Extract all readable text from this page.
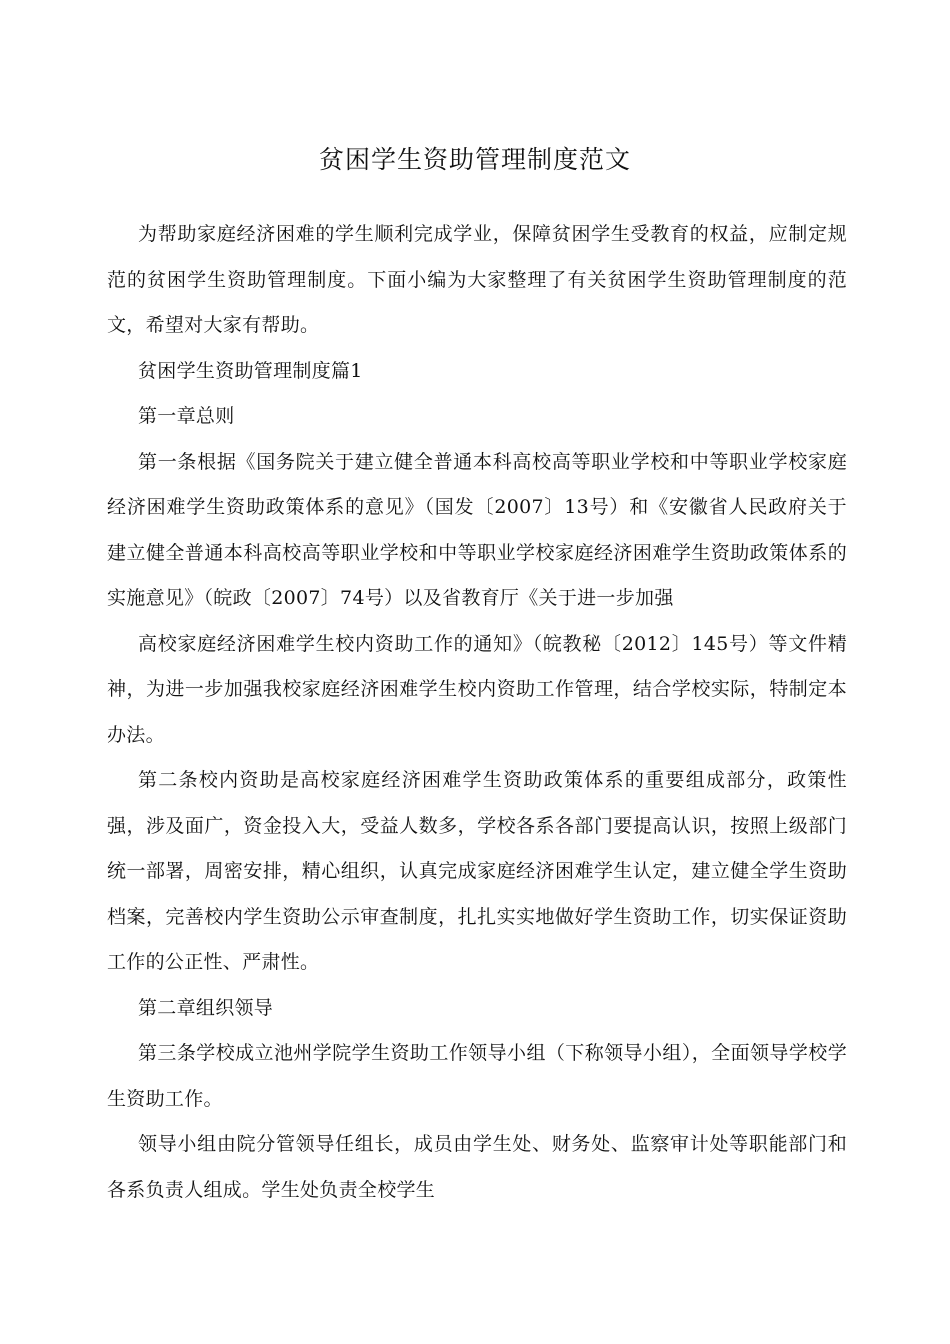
贫困学生资助管理制度范文

为帮助家庭经济困难的学生顺利完成学业，保障贫困学生受教育的权益，应制定规范的贫困学生资助管理制度。下面小编为大家整理了有关贫困学生资助管理制度的范文，希望对大家有帮助。

贫困学生资助管理制度篇1

第一章总则

第一条根据《国务院关于建立健全普通本科高校高等职业学校和中等职业学校家庭经济困难学生资助政策体系的意见》（国发〔2007〕13号）和《安徽省人民政府关于建立健全普通本科高校高等职业学校和中等职业学校家庭经济困难学生资助政策体系的实施意见》（皖政〔2007〕74号）以及省教育厅《关于进一步加强

高校家庭经济困难学生校内资助工作的通知》（皖教秘〔2012〕145号）等文件精神，为进一步加强我校家庭经济困难学生校内资助工作管理，结合学校实际，特制定本办法。

第二条校内资助是高校家庭经济困难学生资助政策体系的重要组成部分，政策性强，涉及面广，资金投入大，受益人数多，学校各系各部门要提高认识，按照上级部门统一部署，周密安排，精心组织，认真完成家庭经济困难学生认定，建立健全学生资助档案，完善校内学生资助公示审查制度，扎扎实实地做好学生资助工作，切实保证资助工作的公正性、严肃性。

第二章组织领导

第三条学校成立池州学院学生资助工作领导小组（下称领导小组），全面领导学校学生资助工作。

领导小组由院分管领导任组长，成员由学生处、财务处、监察审计处等职能部门和各系负责人组成。学生处负责全校学生
